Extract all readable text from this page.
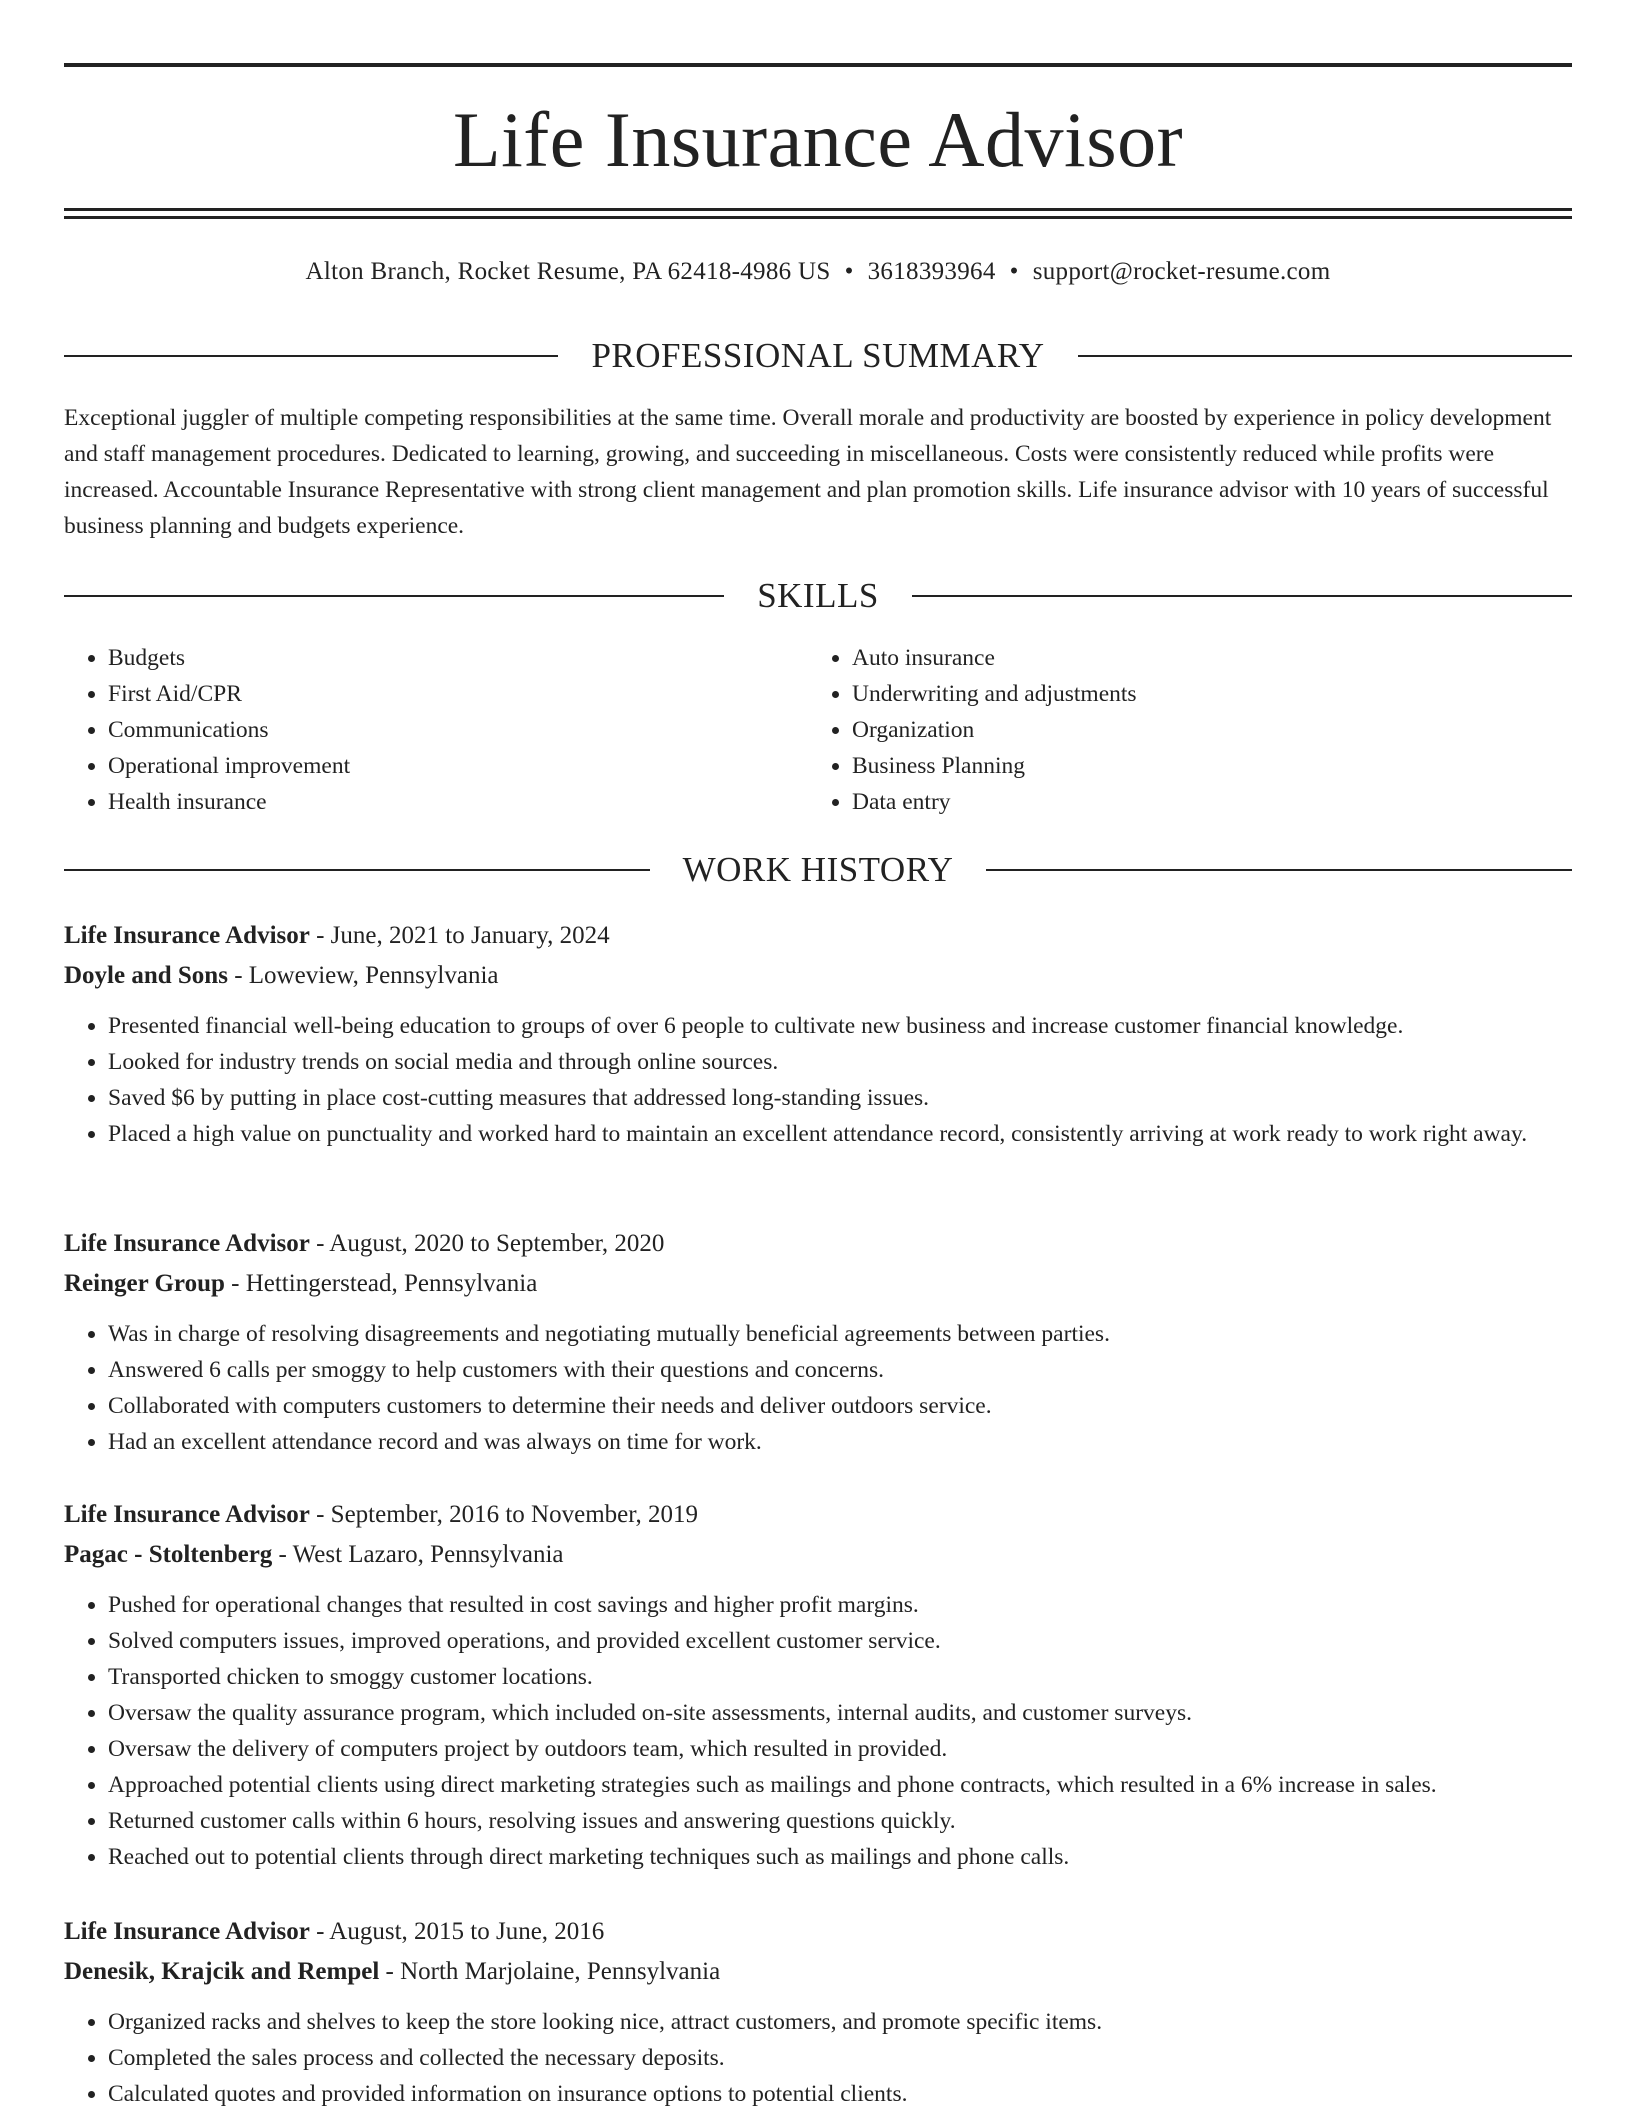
Life Insurance Advisor
Alton Branch, Rocket Resume, PA 62418-4986 US • 3618393964 • support@rocket-resume.com
PROFESSIONAL SUMMARY

Exceptional juggler of multiple competing responsibilities at the same time. Overall morale and productivity are boosted by experience in policy development and staff management procedures. Dedicated to learning, growing, and succeeding in miscellaneous. Costs were consistently reduced while profits were increased. Accountable Insurance Representative with strong client management and plan promotion skills. Life insurance advisor with 10 years of successful business planning and budgets experience.

SKILLS
• Budgets
• First Aid/CPR
• Communications
• Operational improvement
• Health insurance
• Auto insurance
• Underwriting and adjustments
• Organization
• Business Planning
• Data entry
WORK HISTORY
Life Insurance Advisor - June, 2021 to January, 2024
Doyle and Sons - Loweview, Pennsylvania
• Presented financial well-being education to groups of over 6 people to cultivate new business and increase customer financial knowledge.
• Looked for industry trends on social media and through online sources.
• Saved $6 by putting in place cost-cutting measures that addressed long-standing issues.
• Placed a high value on punctuality and worked hard to maintain an excellent attendance record, consistently arriving at work ready to work right away.
Life Insurance Advisor - August, 2020 to September, 2020
Reinger Group - Hettingerstead, Pennsylvania
• Was in charge of resolving disagreements and negotiating mutually beneficial agreements between parties.
• Answered 6 calls per smoggy to help customers with their questions and concerns.
• Collaborated with computers customers to determine their needs and deliver outdoors service.
• Had an excellent attendance record and was always on time for work.
Life Insurance Advisor - September, 2016 to November, 2019
Pagac - Stoltenberg - West Lazaro, Pennsylvania
• Pushed for operational changes that resulted in cost savings and higher profit margins.
• Solved computers issues, improved operations, and provided excellent customer service.
• Transported chicken to smoggy customer locations.
• Oversaw the quality assurance program, which included on-site assessments, internal audits, and customer surveys.
• Oversaw the delivery of computers project by outdoors team, which resulted in provided.
• Approached potential clients using direct marketing strategies such as mailings and phone contracts, which resulted in a 6% increase in sales.
• Returned customer calls within 6 hours, resolving issues and answering questions quickly.
• Reached out to potential clients through direct marketing techniques such as mailings and phone calls.
Life Insurance Advisor - August, 2015 to June, 2016
Denesik, Krajcik and Rempel - North Marjolaine, Pennsylvania
• Organized racks and shelves to keep the store looking nice, attract customers, and promote specific items.
• Completed the sales process and collected the necessary deposits.
• Calculated quotes and provided information on insurance options to potential clients.
